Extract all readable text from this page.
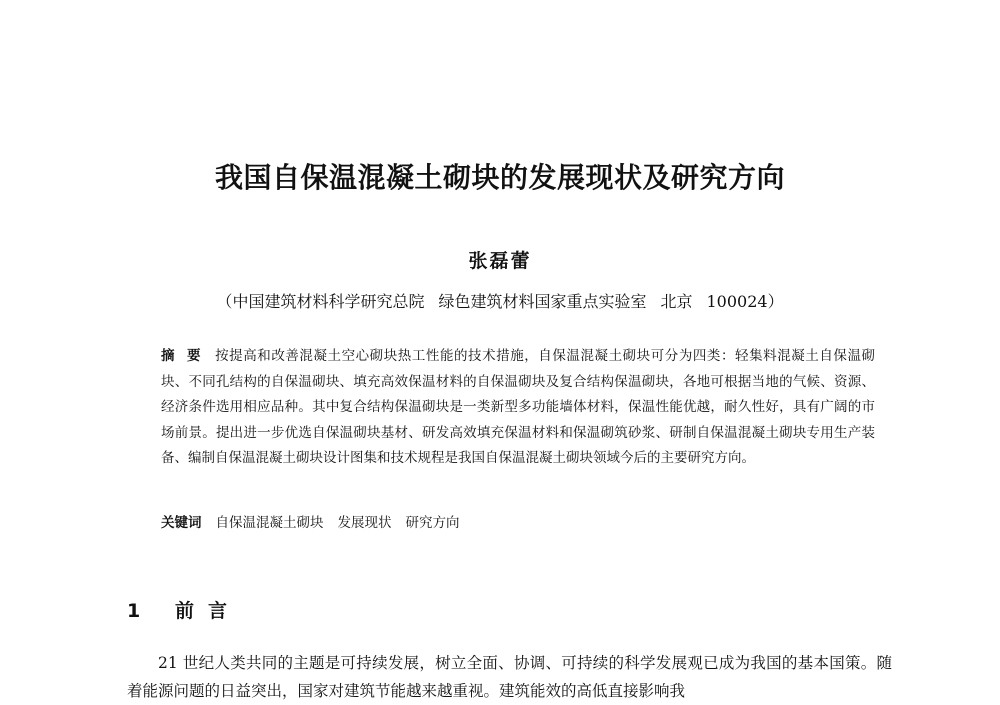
我国自保温混凝土砌块的发展现状及研究方向
张磊蕾
（中国建筑材料科学研究总院 绿色建筑材料国家重点实验室 北京 100024）
摘要 按提高和改善混凝土空心砌块热工性能的技术措施，自保温混凝土砌块可分为四类：轻集料混凝土自保温砌块、不同孔结构的自保温砌块、填充高效保温材料的自保温砌块及复合结构保温砌块，各地可根据当地的气候、资源、经济条件选用相应品种。其中复合结构保温砌块是一类新型多功能墙体材料，保温性能优越，耐久性好，具有广阔的市场前景。提出进一步优选自保温砌块基材、研发高效填充保温材料和保温砌筑砂浆、研制自保温混凝土砌块专用生产装备、编制自保温混凝土砌块设计图集和技术规程是我国自保温混凝土砌块领域今后的主要研究方向。
关键词 自保温混凝土砌块 发展现状 研究方向
1 前言
21 世纪人类共同的主题是可持续发展，树立全面、协调、可持续的科学发展观已成为我国的基本国策。随着能源问题的日益突出，国家对建筑节能越来越重视。建筑能效的高低直接影响我
